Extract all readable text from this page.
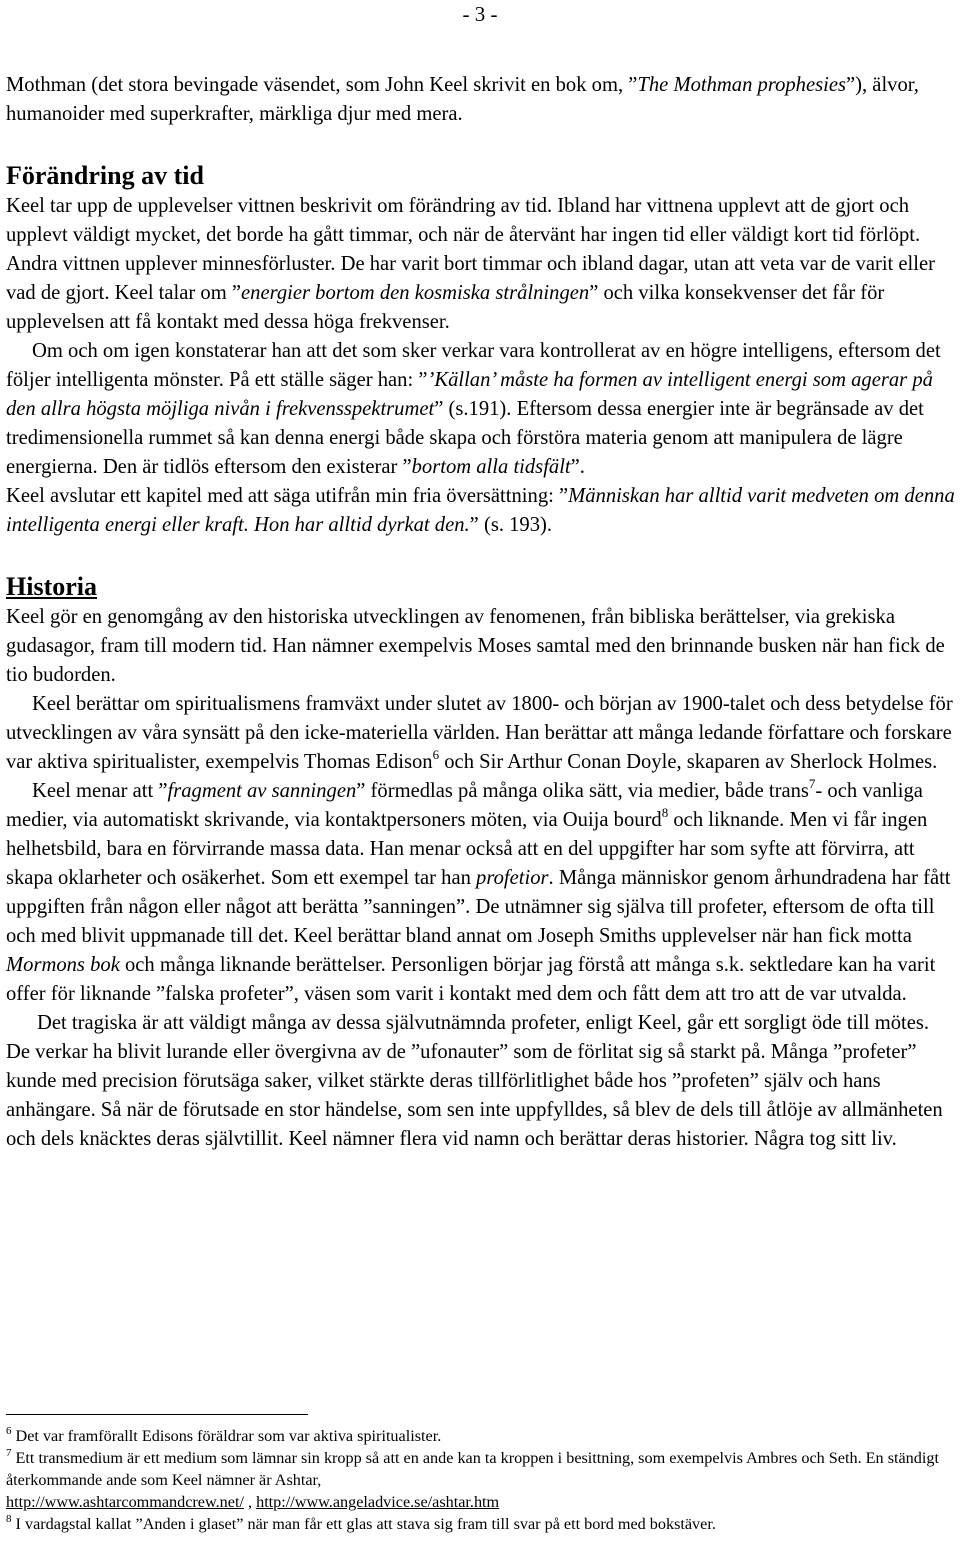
- 3 -

Mothman (det stora bevingade väsendet, som John Keel skrivit en bok om, ”The Mothman prophesies”), älvor, humanoider med superkrafter, märkliga djur med mera.

Förändring av tid

Keel tar upp de upplevelser vittnen beskrivit om förändring av tid. Ibland har vittnena upplevt att de gjort och upplevt väldigt mycket, det borde ha gått timmar, och när de återvänt har ingen tid eller väldigt kort tid förlöpt. Andra vittnen upplever minnesförluster. De har varit bort timmar och ibland dagar, utan att veta var de varit eller vad de gjort. Keel talar om ”energier bortom den kosmiska strålningen” och vilka konsekvenser det får för upplevelsen att få kontakt med dessa höga frekvenser.

Om och om igen konstaterar han att det som sker verkar vara kontrollerat av en högre intelligens, eftersom det följer intelligenta mönster. På ett ställe säger han: ”’Källan’ måste ha formen av intelligent energi som agerar på den allra högsta möjliga nivån i frekvensspektrumet” (s.191). Eftersom dessa energier inte är begränsade av det tredimensionella rummet så kan denna energi både skapa och förstöra materia genom att manipulera de lägre energierna. Den är tidlös eftersom den existerar ”bortom alla tidsfält”.
Keel avslutar ett kapitel med att säga utifrån min fria översättning: ”Människan har alltid varit medveten om denna intelligenta energi eller kraft. Hon har alltid dyrkat den.” (s. 193).

Historia

Keel gör en genomgång av den historiska utvecklingen av fenomenen, från bibliska berättelser, via grekiska gudasagor, fram till modern tid. Han nämner exempelvis Moses samtal med den brinnande busken när han fick de tio budorden.

Keel berättar om spiritualismens framväxt under slutet av 1800- och början av 1900-talet och dess betydelse för utvecklingen av våra synsätt på den icke-materiella världen. Han berättar att många ledande författare och forskare var aktiva spiritualister, exempelvis Thomas Edison$^6$ och Sir Arthur Conan Doyle, skaparen av Sherlock Holmes.

Keel menar att ”fragment av sanningen” förmedlas på många olika sätt, via medier, både trans$^7$- och vanliga medier, via automatiskt skrivande, via kontaktpersoners möten, via Ouija bourd$^8$ och liknande. Men vi får ingen helhetsbild, bara en förvirrande massa data. Han menar också att en del uppgifter har som syfte att förvirra, att skapa oklarheter och osäkerhet. Som ett exempel tar han profetior. Många människor genom århundradena har fått uppgiften från någon eller något att berätta ”sanningen”. De utnämner sig själva till profeter, eftersom de ofta till och med blivit uppmanade till det. Keel berättar bland annat om Joseph Smiths upplevelser när han fick motta Mormons bok och många liknande berättelser. Personligen börjar jag förstå att många s.k. sektledare kan ha varit offer för liknande ”falska profeter”, väsen som varit i kontakt med dem och fått dem att tro att de var utvalda.

Det tragiska är att väldigt många av dessa självutnämnda profeter, enligt Keel, går ett sorgligt öde till mötes. De verkar ha blivit lurande eller övergivna av de ”ufonauter” som de förlitat sig så starkt på. Många ”profeter” kunde med precision förutsäga saker, vilket stärkte deras tillförlitlighet både hos ”profeten” själv och hans anhängare. Så när de förutsade en stor händelse, som sen inte uppfylldes, så blev de dels till åtlöje av allmänheten och dels knäcktes deras självtillit. Keel nämner flera vid namn och berättar deras historier. Några tog sitt liv.

$^6$ Det var framförallt Edisons föräldrar som var aktiva spiritualister.
$^7$ Ett transmedium är ett medium som lämnar sin kropp så att en ande kan ta kroppen i besittning, som exempelvis Ambres och Seth. En ständigt återkommande ande som Keel nämner är Ashtar,
http://www.ashtarcommandcrew.net/ , http://www.angeladvice.se/ashtar.htm
$^8$ I vardagstal kallat ”Anden i glaset” när man får ett glas att stava sig fram till svar på ett bord med bokstäver.
